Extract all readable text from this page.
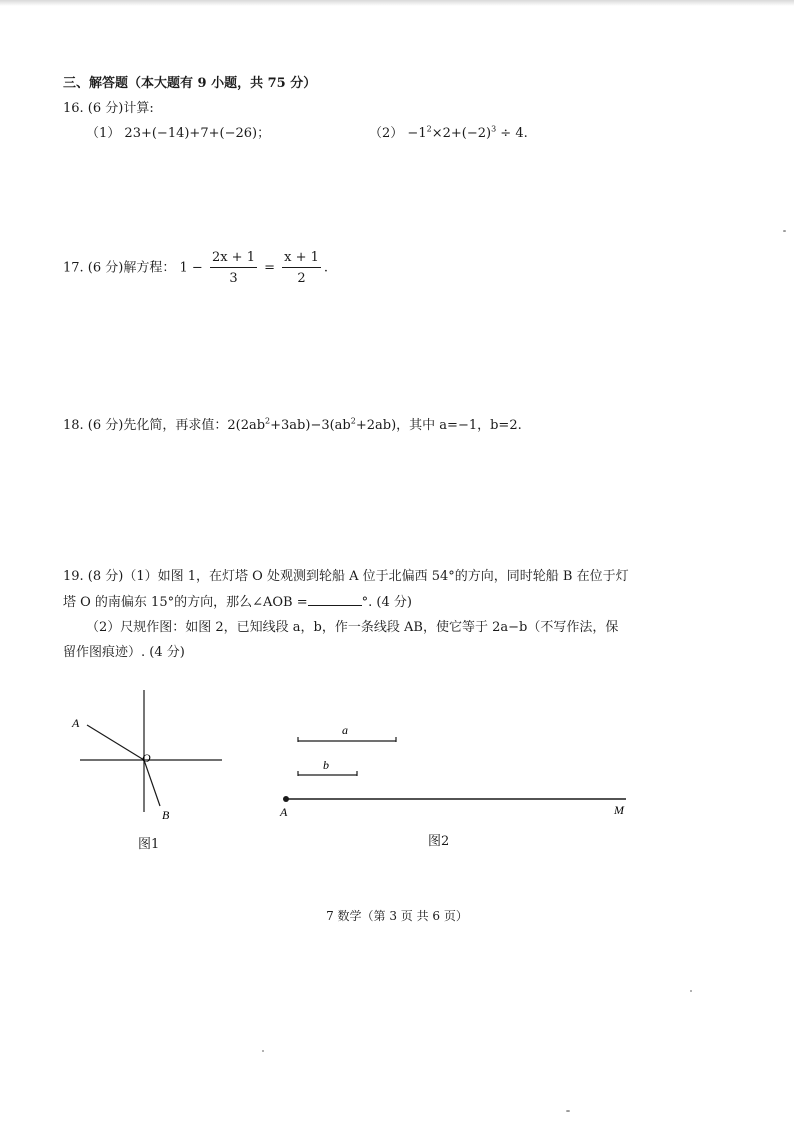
三、解答题（本大题有 9 小题，共 75 分）
16. (6 分)计算:
（1） 23+(−14)+7+(−26)；	$(2) -1^2\times 2+(-2)^3 \div 4$.
17. (6 分)解方程： $1 - \frac{2x + 1}{3} = \frac{x + 1}{2}$ .
18. (6 分)先化简，再求值：$2(2ab^2+3ab)-3(ab^2+2ab)$，其中 a=−1，b=2.
19. (8 分)（1）如图 1，在灯塔 O 处观测到轮船 A 位于北偏西 54°的方向，同时轮船 B 在位于灯
塔 O 的南偏东 15°的方向，那么∠AOB =	°. (4 分)
（2）尺规作图：如图 2，已知线段 a，b，作一条线段 AB，使它等于 2a−b（不写作法，保
留作图痕迹）. (4 分)
A
O
B
图1
a
b
A	M
图2
7 数学（第 3 页 共 6 页）
